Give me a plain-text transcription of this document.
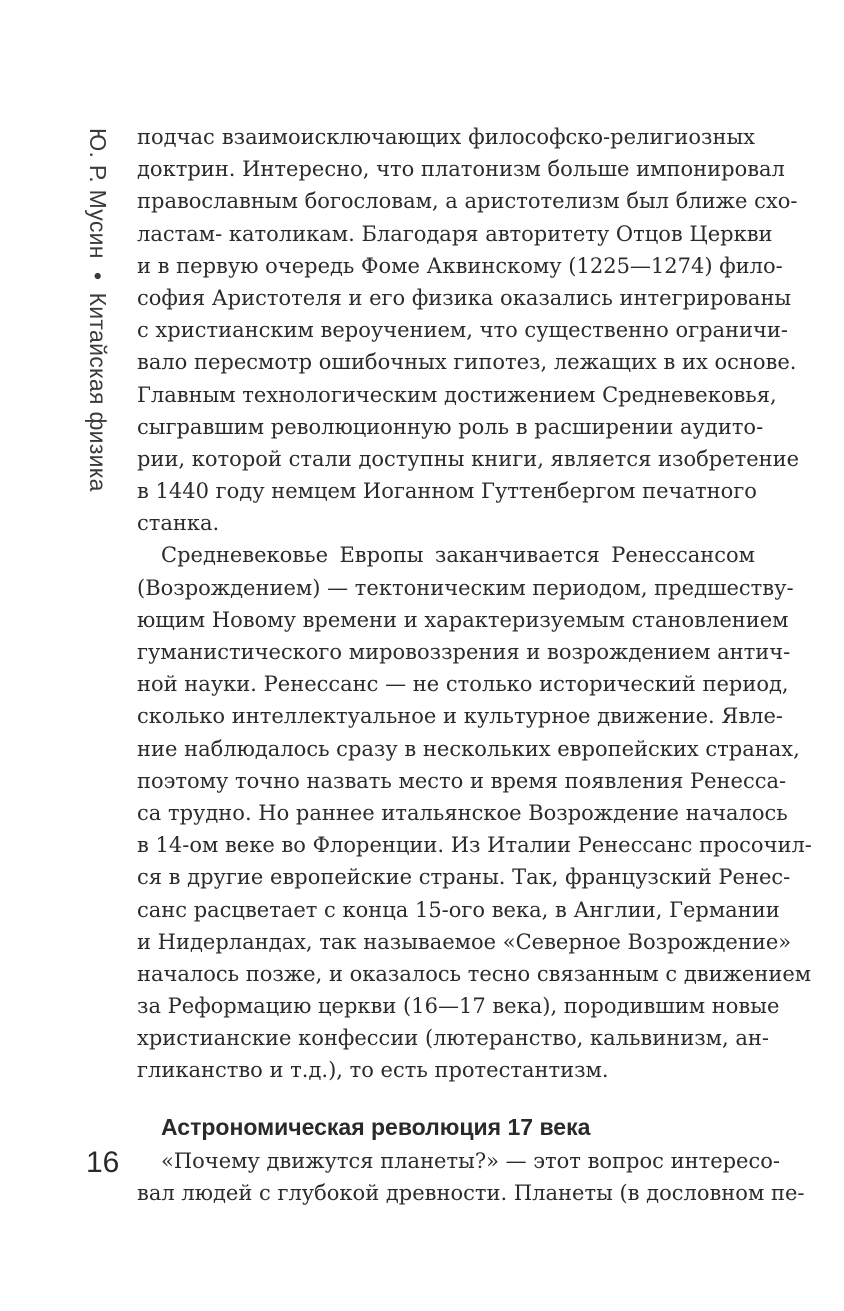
Ю. Р. Мусин • Китайская физика
16
подчас взаимоисключающих философско-религиозных
доктрин. Интересно, что платонизм больше импонировал
православным богословам, а аристотелизм был ближе схо-
ластам- католикам. Благодаря авторитету Отцов Церкви
и в первую очередь Фоме Аквинскому (1225—1274) фило-
софия Аристотеля и его физика оказались интегрированы
с христианским вероучением, что существенно ограничи-
вало пересмотр ошибочных гипотез, лежащих в их основе.
Главным технологическим достижением Средневековья,
сыгравшим революционную роль в расширении аудито-
рии, которой стали доступны книги, является изобретение
в 1440 году немцем Иоганном Гуттенбергом печатного
станка.
Средневековье Европы заканчивается Ренессансом
(Возрождением) — тектоническим периодом, предшеству-
ющим Новому времени и характеризуемым становлением
гуманистического мировоззрения и возрождением антич-
ной науки. Ренессанс — не столько исторический период,
сколько интеллектуальное и культурное движение. Явле-
ние наблюдалось сразу в нескольких европейских странах,
поэтому точно назвать место и время появления Ренесса-
са трудно. Но раннее итальянское Возрождение началось
в 14-ом веке во Флоренции. Из Италии Ренессанс просочил-
ся в другие европейские страны. Так, французский Ренес-
санс расцветает с конца 15-ого века, в Англии, Германии
и Нидерландах, так называемое «Северное Возрождение»
началось позже, и оказалось тесно связанным с движением
за Реформацию церкви (16—17 века), породившим новые
христианские конфессии (лютеранство, кальвинизм, ан-
гликанство и т.д.), то есть протестантизм.
Астрономическая революция 17 века
«Почему движутся планеты?» — этот вопрос интересо-
вал людей с глубокой древности. Планеты (в дословном пе-
